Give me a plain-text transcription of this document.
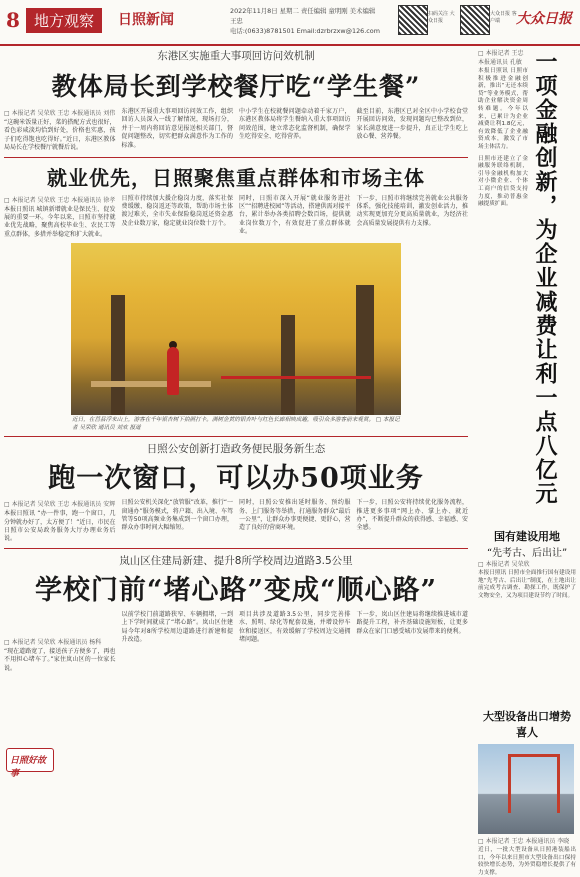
8 地方观察	日照新闻
2022年11月8日 星期二 责任编辑 童明刚 美术编辑 王忠
电话:(0633)8781501 Email:dzrbrzxw@126.com
扫码关注 大众日报
大众日报 客户端	大众日报
东港区实施重大事项回访问效机制
教体局长到学校餐厅吃“学生餐”
□ 本报记者 吴荣欣 王忠 本报通讯员 刘伟
“这碗米饭量正好，菜的搭配方式也很好，看色彩咸淡均恰到好处，价格也实惠，孩子们吃得饱也吃得好。”近日，东港区教体局局长在学校餐厅就餐后说。
东港区开展重大事项回访问效工作，组织回访人员深入一线了解情况，现场打分，并于一周内将回访意见报送相关部门，督促问题整改，切实把群众满意作为工作的标准。
中小学生在校就餐问题牵动着千家万户，东港区教体局将学生餐纳入重大事项回访问效范围，建立常态化监督机制，确保学生吃得安全、吃得营养。
截至目前，东港区已对全区中小学校食堂开展回访问效，发现问题均已整改到位，家长满意度进一步提升，真正让学生吃上放心餐、营养餐。
就业优先，日照聚焦重点群体和市场主体
□ 本报记者 吴荣欣 王忠 本报通讯员 徐孝
本报日照讯 城镇新增就业是保民生、促发展的重要一环。今年以来，日照市坚持就业优先战略，聚焦高校毕业生、农民工等重点群体，多措并举稳定和扩大就业。
日照市持续加大援企稳岗力度，落实社保费缓缴、稳岗返还等政策，帮助市场主体渡过难关，全市失业保险稳岗返还资金惠及企业数万家，稳定就业岗位数十万个。
同时，日照市深入开展“就业服务进社区”“招聘进校园”等活动，搭建供需对接平台，累计举办各类招聘会数百场，提供就业岗位数万个，有效促进了重点群体就业。
下一步，日照市将继续完善就业公共服务体系，强化技能培训，激发创业活力，推动实现更加充分更高质量就业，为经济社会高质量发展提供有力支撑。
近日，在莒县浮来山上，游客在千年银杏树下拍照打卡。满树金黄的银杏叶与红色长廊相映成趣，吸引众多游客前来观赏。 □ 本报记者 吴荣欣 通讯员 刘欢 报道
日照公安创新打造政务便民服务新生态
跑一次窗口，可以办50项业务
□ 本报记者 吴荣欣 王忠 本报通讯员 安辉
本报日照讯 “办一件事，跑一个窗口，几分钟就办好了，太方便了！”近日，市民在日照市公安局政务服务大厅办理业务后说。
日照公安机关深化“放管服”改革，推行“一窗通办”服务模式，将户籍、出入境、车驾管等50项高频业务集成到一个窗口办理，群众办事时间大幅缩短。
同时，日照公安推出延时服务、预约服务、上门服务等举措，打通服务群众“最后一公里”，让群众办事更便捷、更舒心，营造了良好的营商环境。
下一步，日照公安将持续优化服务流程，推进更多事项“网上办、掌上办、就近办”，不断提升群众的获得感、幸福感、安全感。
岚山区住建局新建、提升8所学校周边道路3.5公里
学校门前“堵心路”变成“顺心路”
□ 本报记者 吴荣欣 本报通讯员 杨科
“现在道路宽了，接送孩子方便多了，再也不用担心堵车了。”家住岚山区的一位家长说。
以前学校门前道路狭窄、车辆拥堵，一到上下学时间就成了“堵心路”。岚山区住建局今年对8所学校周边道路进行新建和提升改造。
项目共涉及道路3.5公里，同步完善排水、照明、绿化等配套设施，并增设停车位和接送区，有效缓解了学校周边交通拥堵问题。
下一步，岚山区住建局将继续推进城市道路提升工程，补齐基础设施短板，让更多群众在家门口感受城市发展带来的便利。
日照好故事
□ 本报记者 王忠 本报通讯员 孔敏
本报日照讯 日照市积极推进金融创新，推出“无还本续贷”等业务模式，帮助企业解决资金周转难题。今年以来，已累计为企业减费让利1.8亿元，有效降低了企业融资成本，激发了市场主体活力。
日照市还建立了金融服务联络机制，引导金融机构加大对小微企业、个体工商户的信贷支持力度，推动普惠金融提质扩面。
国有建设用地
“先考古、后出让”
□ 本报记者 吴荣欣
本报日照讯 日照市全面推行国有建设用地“先考古、后出让”制度，在土地出让前完成考古调查、勘探工作，既保护了文物安全，又为项目建设节约了时间。
大型设备出口增势喜人
□ 本报记者 王忠 本报通讯员 李晓
近日，一批大型设备从日照港装船出口，今年以来日照市大型设备出口保持较快增长态势，为外贸稳增长提供了有力支撑。
一项金融创新，为企业减费让利一点八亿元
